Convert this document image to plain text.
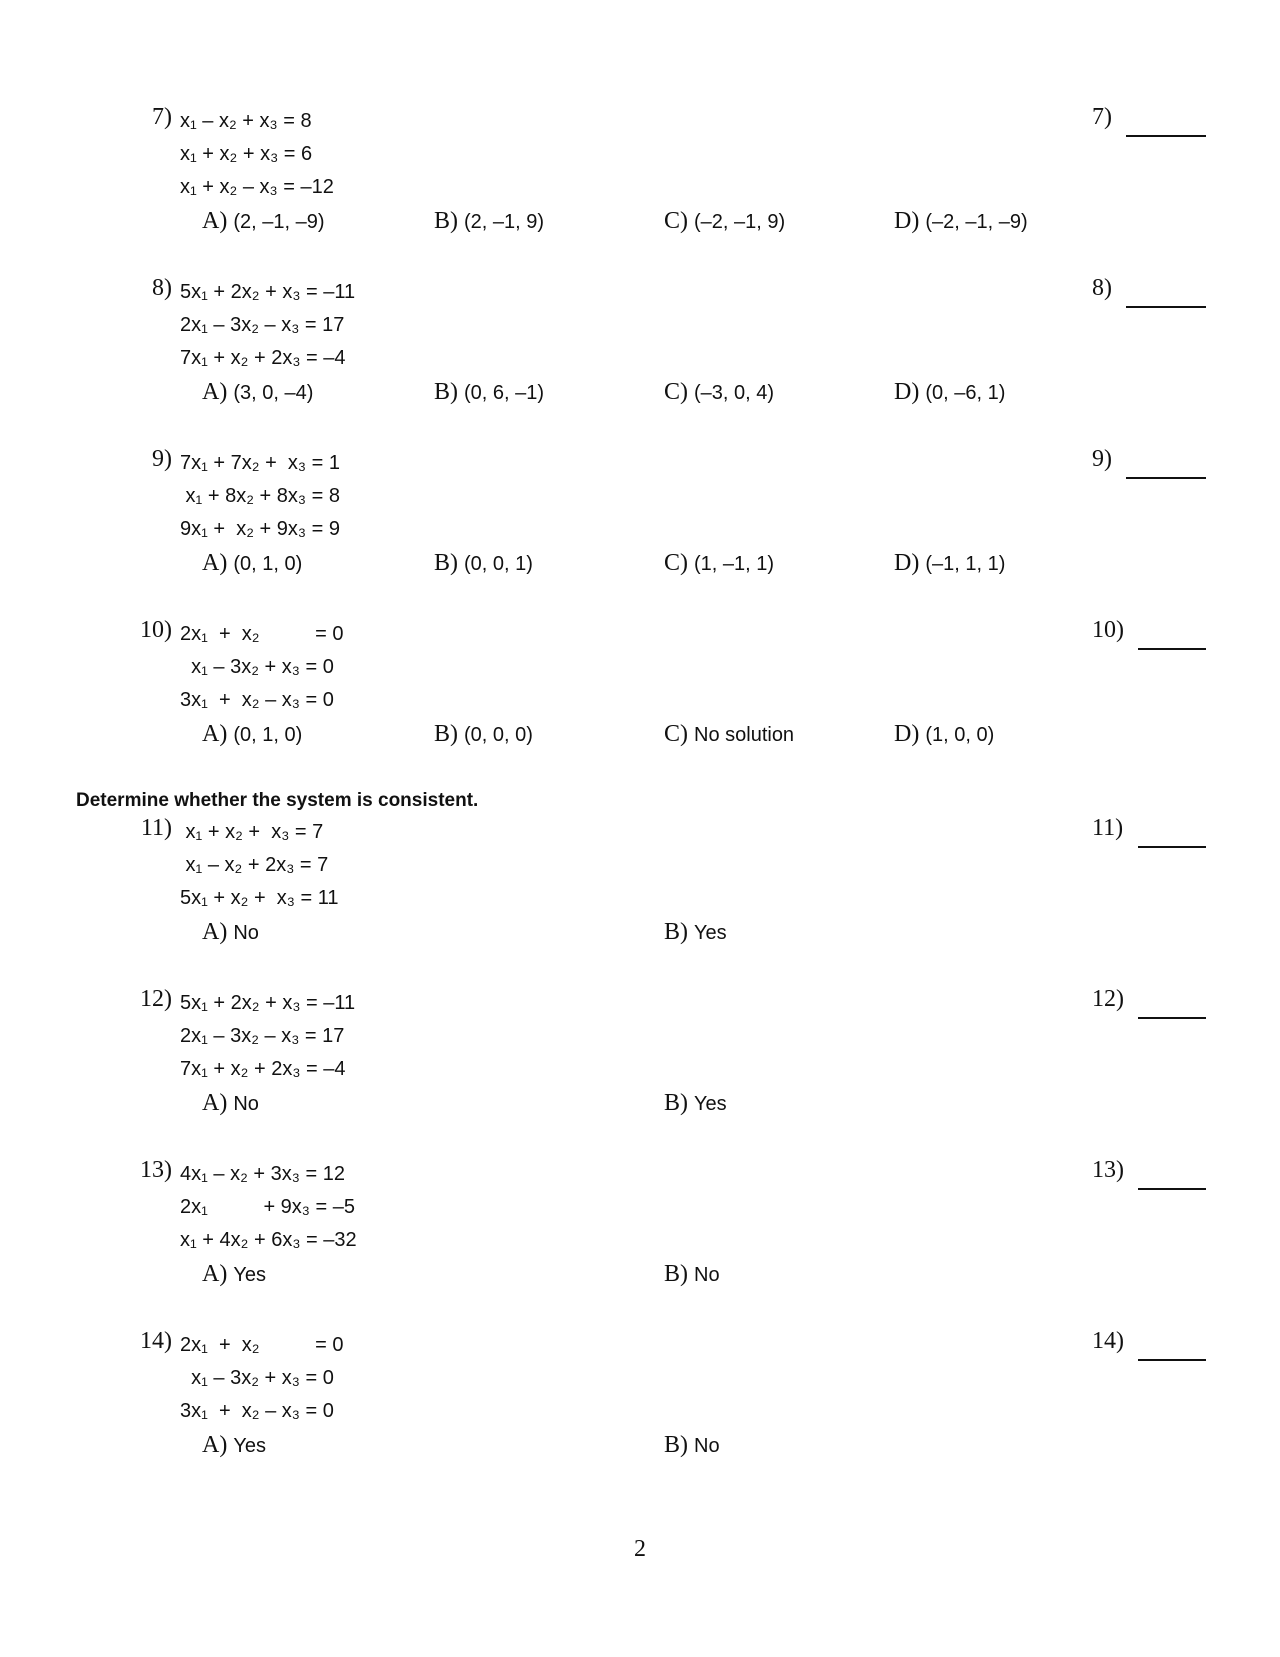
7) x₁ – x₂ + x₃ = 8
x₁ + x₂ + x₃ = 6
x₁ + x₂ – x₃ = –12
A) (2, –1, –9)	B) (2, –1, 9)	C) (–2, –1, 9)	D) (–2, –1, –9)
7)
8) 5x₁ + 2x₂ + x₃ = –11
2x₁ – 3x₂ – x₃ = 17
7x₁ + x₂ + 2x₃ = –4
A) (3, 0, –4)	B) (0, 6, –1)	C) (–3, 0, 4)	D) (0, –6, 1)
8)
9) 7x₁ + 7x₂ +  x₃ = 1
x₁ + 8x₂ + 8x₃ = 8
9x₁ +  x₂ + 9x₃ = 9
A) (0, 1, 0)	B) (0, 0, 1)	C) (1, –1, 1)	D) (–1, 1, 1)
9)
10) 2x₁  +  x₂          = 0
x₁ – 3x₂ + x₃ = 0
3x₁  +  x₂ – x₃ = 0
A) (0, 1, 0)	B) (0, 0, 0)	C) No solution	D) (1, 0, 0)
10)
Determine whether the system is consistent.
11) x₁ + x₂ +  x₃ = 7
x₁ – x₂ + 2x₃ = 7
5x₁ + x₂ +  x₃ = 11
A) No	B) Yes
11)
12) 5x₁ + 2x₂ + x₃ = –11
2x₁ – 3x₂ – x₃ = 17
7x₁ + x₂ + 2x₃ = –4
A) No	B) Yes
12)
13) 4x₁ – x₂ + 3x₃ = 12
2x₁          + 9x₃ = –5
x₁ + 4x₂ + 6x₃ = –32
A) Yes	B) No
13)
14) 2x₁  +  x₂          = 0
x₁ – 3x₂ + x₃ = 0
3x₁  +  x₂ – x₃ = 0
A) Yes	B) No
14)
2
